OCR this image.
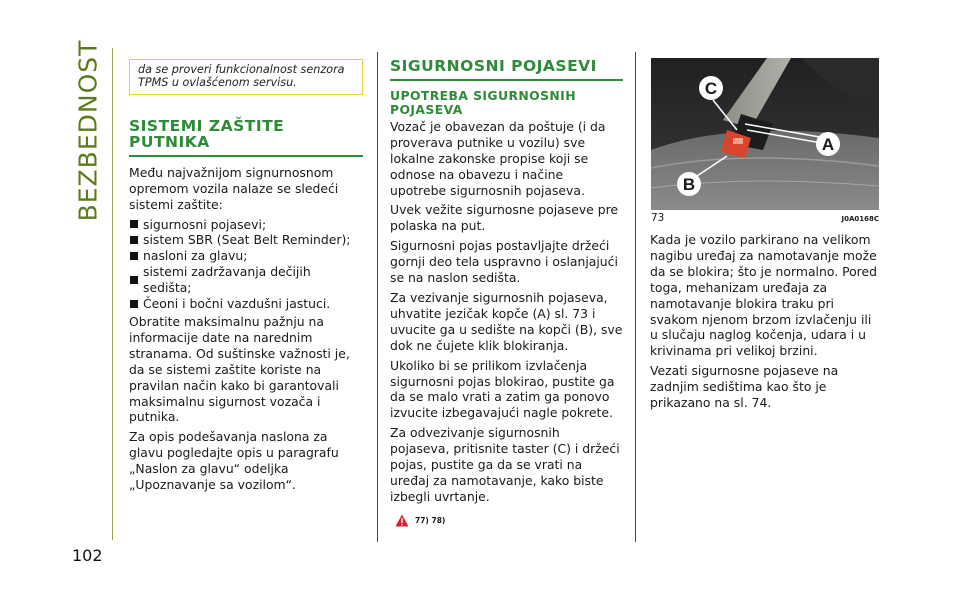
BEZBEDNOST
102
da se proveri funkcionalnost senzora TPMS u ovlašćenom servisu.
SISTEMI ZAŠTITE PUTNIKA

Među najvažnijom signurnosnom opremom vozila nalaze se sledeći sistemi zaštite:

sigurnosni pojasevi;
sistem SBR (Seat Belt Reminder);
nasloni za glavu;
sistemi zadržavanja dečijih sedišta;
Čeoni i bočni vazdušni jastuci.

Obratite maksimalnu pažnju na informacije date na narednim stranama. Od suštinske važnosti je, da se sistemi zaštite koriste na pravilan način kako bi garantovali maksimalnu sigurnost vozača i putnika.

Za opis podešavanja naslona za glavu pogledajte opis u paragrafu „Naslon za glavu“ odeljka „Upoznavanje sa vozilom“.

SIGURNOSNI POJASEVI
UPOTREBA SIGURNOSNIH POJASEVA

Vozač je obavezan da poštuje (i da proverava putnike u vozilu) sve lokalne zakonske propise koji se odnose na obavezu i načine upotrebe sigurnosnih pojaseva.

Uvek vežite sigurnosne pojaseve pre polaska na put.

Sigurnosni pojas postavljajte držeći gornji deo tela uspravno i oslanjajući se na naslon sedišta.

Za vezivanje sigurnosnih pojaseva, uhvatite jezičak kopče (A) sl. 73 i uvucite ga u sedište na kopči (B), sve dok ne čujete klik blokiranja.

Ukoliko bi se prilikom izvlačenja sigurnosni pojas blokirao, pustite ga da se malo vrati a zatim ga ponovo izvucite izbegavajući nagle pokrete.

Za odvezivanje sigurnosnih pojaseva, pritisnite taster (C) i držeći pojas, pustite ga da se vrati na uređaj za namotavanje, kako biste izbegli uvrtanje.

77) 78)
C
A
B
73	J0A0168C

Kada je vozilo parkirano na velikom nagibu uređaj za namotavanje može da se blokira; što je normalno. Pored toga, mehanizam uređaja za namotavanje blokira traku pri svakom njenom brzom izvlačenju ili u slučaju naglog kočenja, udara i u krivinama pri velikoj brzini.

Vezati sigurnosne pojaseve na zadnjim sedištima kao što je prikazano na sl. 74.
